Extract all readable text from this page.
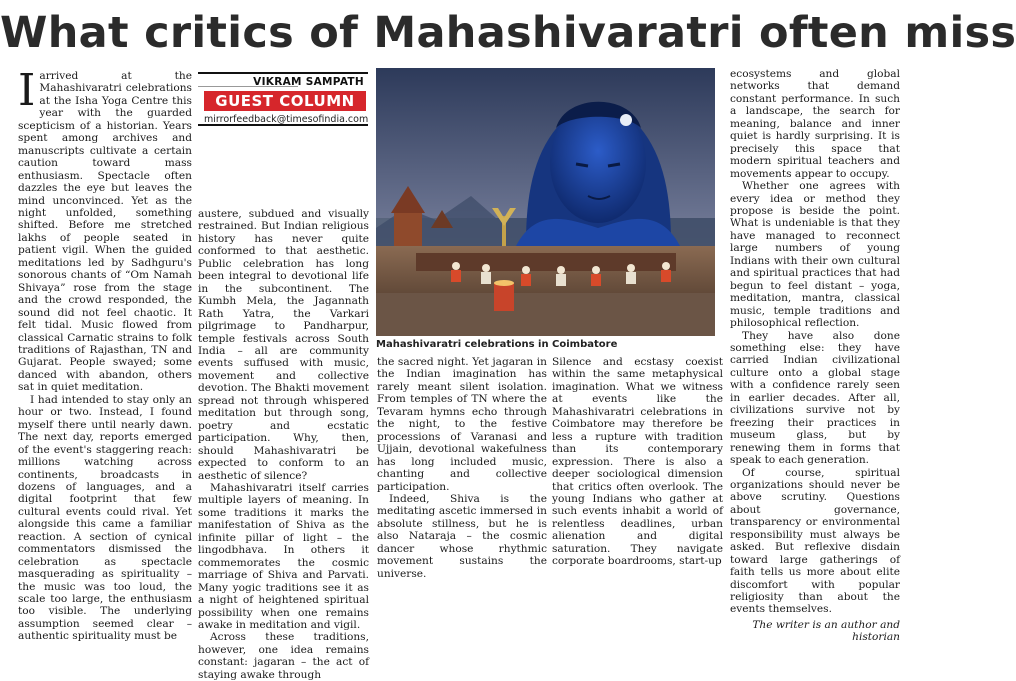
What critics of Mahashivaratri often miss

Iarrived at the Mahashivaratri celebrations at the Isha Yoga Centre this year with the guarded scepticism of a historian. Years spent among archives and manuscripts cultivate a certain caution toward mass enthusiasm. Spectacle often dazzles the eye but leaves the mind unconvinced. Yet as the night unfolded, something shifted. Before me stretched lakhs of people seated in patient vigil. When the guided meditations led by Sadhguru's sonorous chants of “Om Namah Shivaya” rose from the stage and the crowd responded, the sound did not feel chaotic. It felt tidal. Music flowed from classical Carnatic strains to folk traditions of Rajasthan, TN and Gujarat. People swayed; some danced with abandon, others sat in quiet meditation.

I had intended to stay only an hour or two. Instead, I found myself there until nearly dawn. The next day, reports emerged of the event's staggering reach: millions watching across continents, broadcasts in dozens of languages, and a digital footprint that few cultural events could rival. Yet alongside this came a familiar reaction. A section of cynical commentators dismissed the celebration as spectacle masquerading as spirituality – the music was too loud, the scale too large, the enthusiasm too visible. The underlying assumption seemed clear – authentic spirituality must be

VIKRAM SAMPATH
GUEST COLUMN
mirrorfeedback@timesofindia.com

austere, subdued and visually restrained. But Indian religious history has never quite conformed to that aesthetic. Public celebration has long been integral to devotional life in the subcontinent. The Kumbh Mela, the Jagannath Rath Yatra, the Varkari pilgrimage to Pandharpur, temple festivals across South India – all are community events suffused with music, movement and collective devotion. The Bhakti movement spread not through whispered meditation but through song, poetry and ecstatic participation. Why, then, should Mahashivaratri be expected to conform to an aesthetic of silence?

Mahashivaratri itself carries multiple layers of meaning. In some traditions it marks the manifestation of Shiva as the infinite pillar of light – the lingodbhava. In others it commemorates the cosmic marriage of Shiva and Parvati. Many yogic traditions see it as a night of heightened spiritual possibility when one remains awake in meditation and vigil.

Across these traditions, however, one idea remains constant: jagaran – the act of staying awake through

Mahashivaratri celebrations in Coimbatore

the sacred night. Yet jagaran in the Indian imagination has rarely meant silent isolation. From temples of TN where the Tevaram hymns echo through the night, to the festive processions of Varanasi and Ujjain, devotional wakefulness has long included music, chanting and collective participation.

Indeed, Shiva is the meditating ascetic immersed in absolute stillness, but he is also Nataraja – the cosmic dancer whose rhythmic movement sustains the universe.

Silence and ecstasy coexist within the same metaphysical imagination. What we witness at events like the Mahashivaratri celebrations in Coimbatore may therefore be less a rupture with tradition than its contemporary expression. There is also a deeper sociological dimension that critics often overlook. The young Indians who gather at such events inhabit a world of relentless deadlines, urban alienation and digital saturation. They navigate corporate boardrooms, start-up

ecosystems and global networks that demand constant performance. In such a landscape, the search for meaning, balance and inner quiet is hardly surprising. It is precisely this space that modern spiritual teachers and movements appear to occupy.

Whether one agrees with every idea or method they propose is beside the point. What is undeniable is that they have managed to reconnect large numbers of young Indians with their own cultural and spiritual practices that had begun to feel distant – yoga, meditation, mantra, classical music, temple traditions and philosophical reflection.

They have also done something else: they have carried Indian civilizational culture onto a global stage with a confidence rarely seen in earlier decades. After all, civilizations survive not by freezing their practices in museum glass, but by renewing them in forms that speak to each generation.

Of course, spiritual organizations should never be above scrutiny. Questions about governance, transparency or environmental responsibility must always be asked. But reflexive disdain toward large gatherings of faith tells us more about elite discomfort with popular religiosity than about the events themselves.

The writer is an author and historian
